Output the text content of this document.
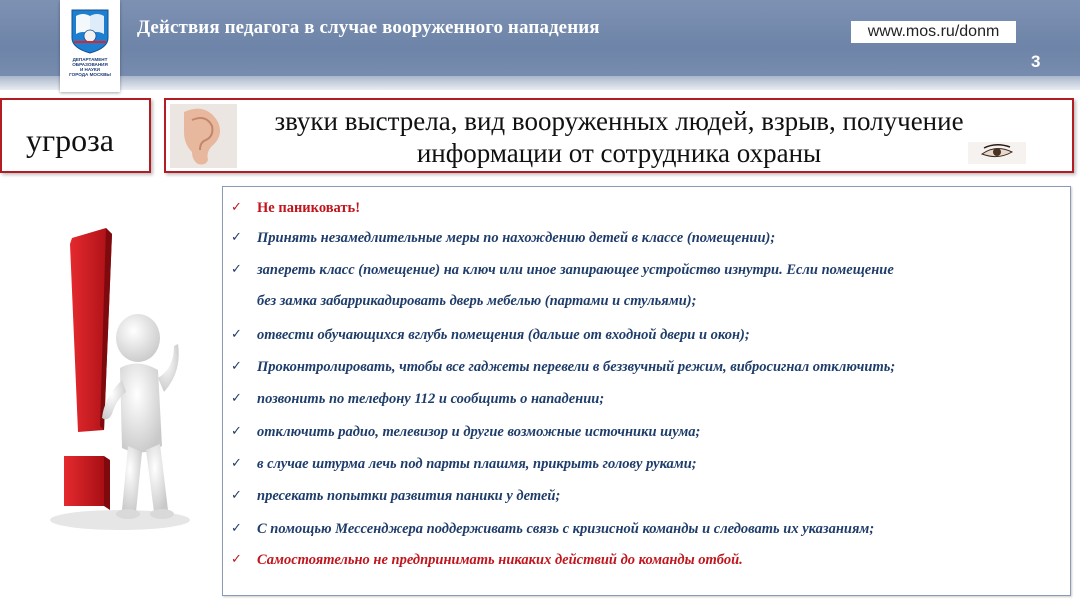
ДЕПАРТАМЕНТ
ОБРАЗОВАНИЯ
И НАУКИ
ГОРОДА МОСКВЫ
Действия педагога в случае вооруженного нападения	www.mos.ru/donm
3
угроза
звуки выстрела, вид вооруженных людей, взрыв, получение
информации от сотрудника охраны
✓ Не паниковать!
✓ Принять незамедлительные меры по нахождению детей в классе (помещении);
✓ запереть класс (помещение) на ключ или иное запирающее устройство изнутри. Если помещение
без замка забаррикадировать дверь мебелью (партами и стульями);
✓ отвести обучающихся вглубь помещения (дальше от входной двери и окон);
✓ Проконтролировать, чтобы все гаджеты перевели в беззвучный режим, вибросигнал отключить;
✓ позвонить по телефону 112 и сообщить о нападении;
✓ отключить радио, телевизор и другие возможные источники шума;
✓ в случае штурма лечь под парты плашмя, прикрыть голову руками;
✓ пресекать попытки развития паники у детей;
✓ С помощью Мессенджера поддерживать связь с кризисной команды и следовать их указаниям;
✓ Самостоятельно не предпринимать никаких действий до команды отбой.
